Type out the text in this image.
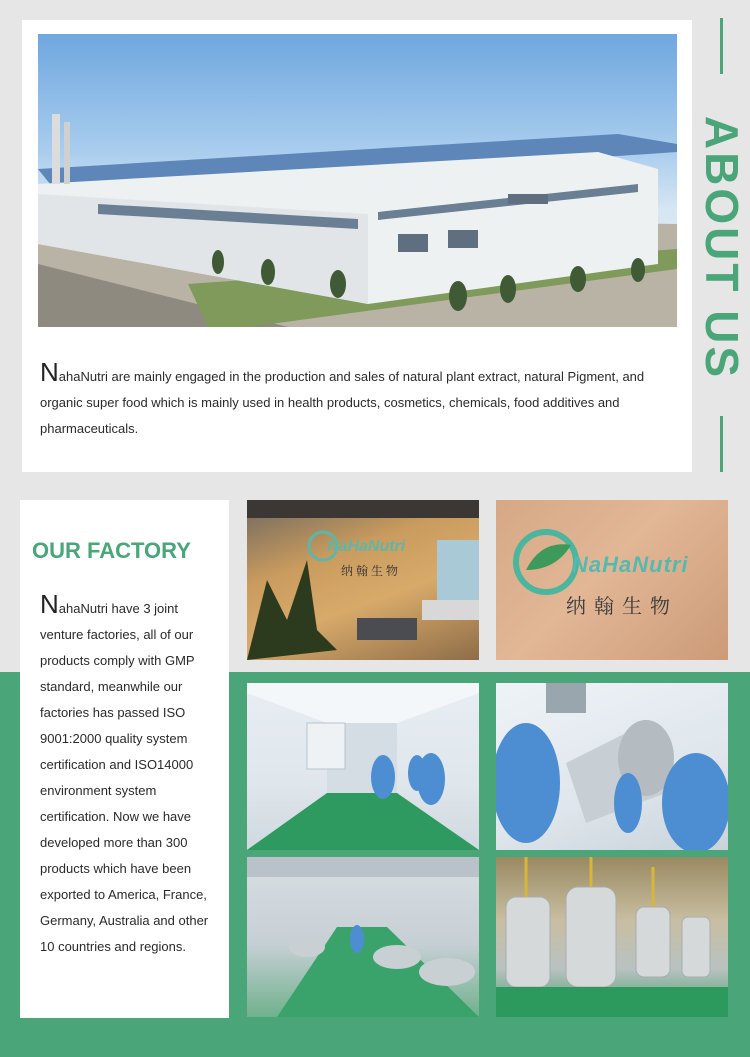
NahaNutri are mainly engaged in the production and sales of natural plant extract, natural Pigment, and organic super food which is mainly used in health products, cosmetics, chemicals, food additives and pharmaceuticals.

ABOUT US
OUR FACTORY

NahaNutri have 3 joint venture factories, all of our products comply with GMP standard, meanwhile our factories has passed ISO 9001:2000 quality system certification and ISO14000 environment system certification. Now we have developed more than 300 products which have been exported to America, France, Germany, Australia and other 10 countries and regions.

NaHaNutri
纳翰生物	NaHaNutri
纳翰生物
